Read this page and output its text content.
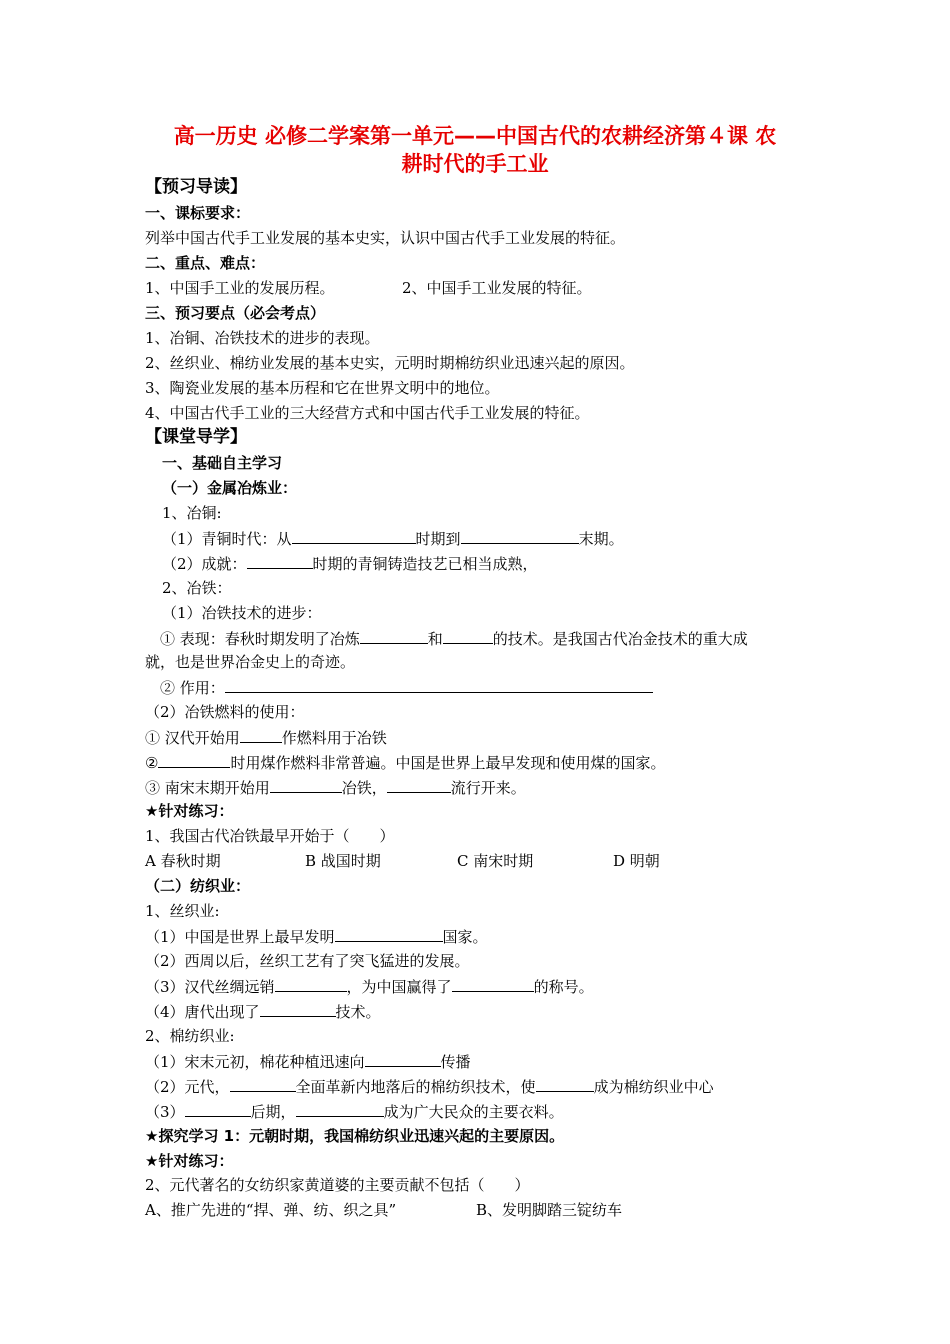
高一历史 必修二学案第一单元——中国古代的农耕经济第４课 农
耕时代的手工业
【预习导读】
一、课标要求：
列举中国古代手工业发展的基本史实，认识中国古代手工业发展的特征。
二、重点、难点：
1、中国手工业的发展历程。	2、中国手工业发展的特征。
三、预习要点（必会考点）
1、冶铜、冶铁技术的进步的表现。
2、丝织业、棉纺业发展的基本史实，元明时期棉纺织业迅速兴起的原因。
3、陶瓷业发展的基本历程和它在世界文明中的地位。
4、中国古代手工业的三大经营方式和中国古代手工业发展的特征。
【课堂导学】
一、基础自主学习
（一）金属冶炼业：
1、冶铜:
（1）青铜时代：从	时期到	末期。
（2）成就：	时期的青铜铸造技艺已相当成熟，
2、冶铁：
（1）冶铁技术的进步：
① 表现：春秋时期发明了冶炼	和	的技术。是我国古代冶金技术的重大成
就，也是世界冶金史上的奇迹。
② 作用：
（2）冶铁燃料的使用：
① 汉代开始用	作燃料用于冶铁
②	时用煤作燃料非常普遍。中国是世界上最早发现和使用煤的国家。
③ 南宋末期开始用	冶铁，	流行开来。
★针对练习：
1、我国古代冶铁最早开始于（　　）
A 春秋时期	B 战国时期	C 南宋时期	D 明朝
（二）纺织业：
1、丝织业:
（1）中国是世界上最早发明	国家。
（2）西周以后，丝织工艺有了突飞猛进的发展。
（3）汉代丝绸远销	，为中国赢得了	的称号。
（4）唐代出现了	技术。
2、棉纺织业:
（1）宋末元初，棉花种植迅速向	传播
（2）元代，	全面革新内地落后的棉纺织技术，使	成为棉纺织业中心
（3）	后期，	成为广大民众的主要衣料。
★探究学习 1：元朝时期，我国棉纺织业迅速兴起的主要原因。
★针对练习：
2、元代著名的女纺织家黄道婆的主要贡献不包括（　　）
A、推广先进的“捍、弹、纺、织之具”	B、发明脚踏三锭纺车
